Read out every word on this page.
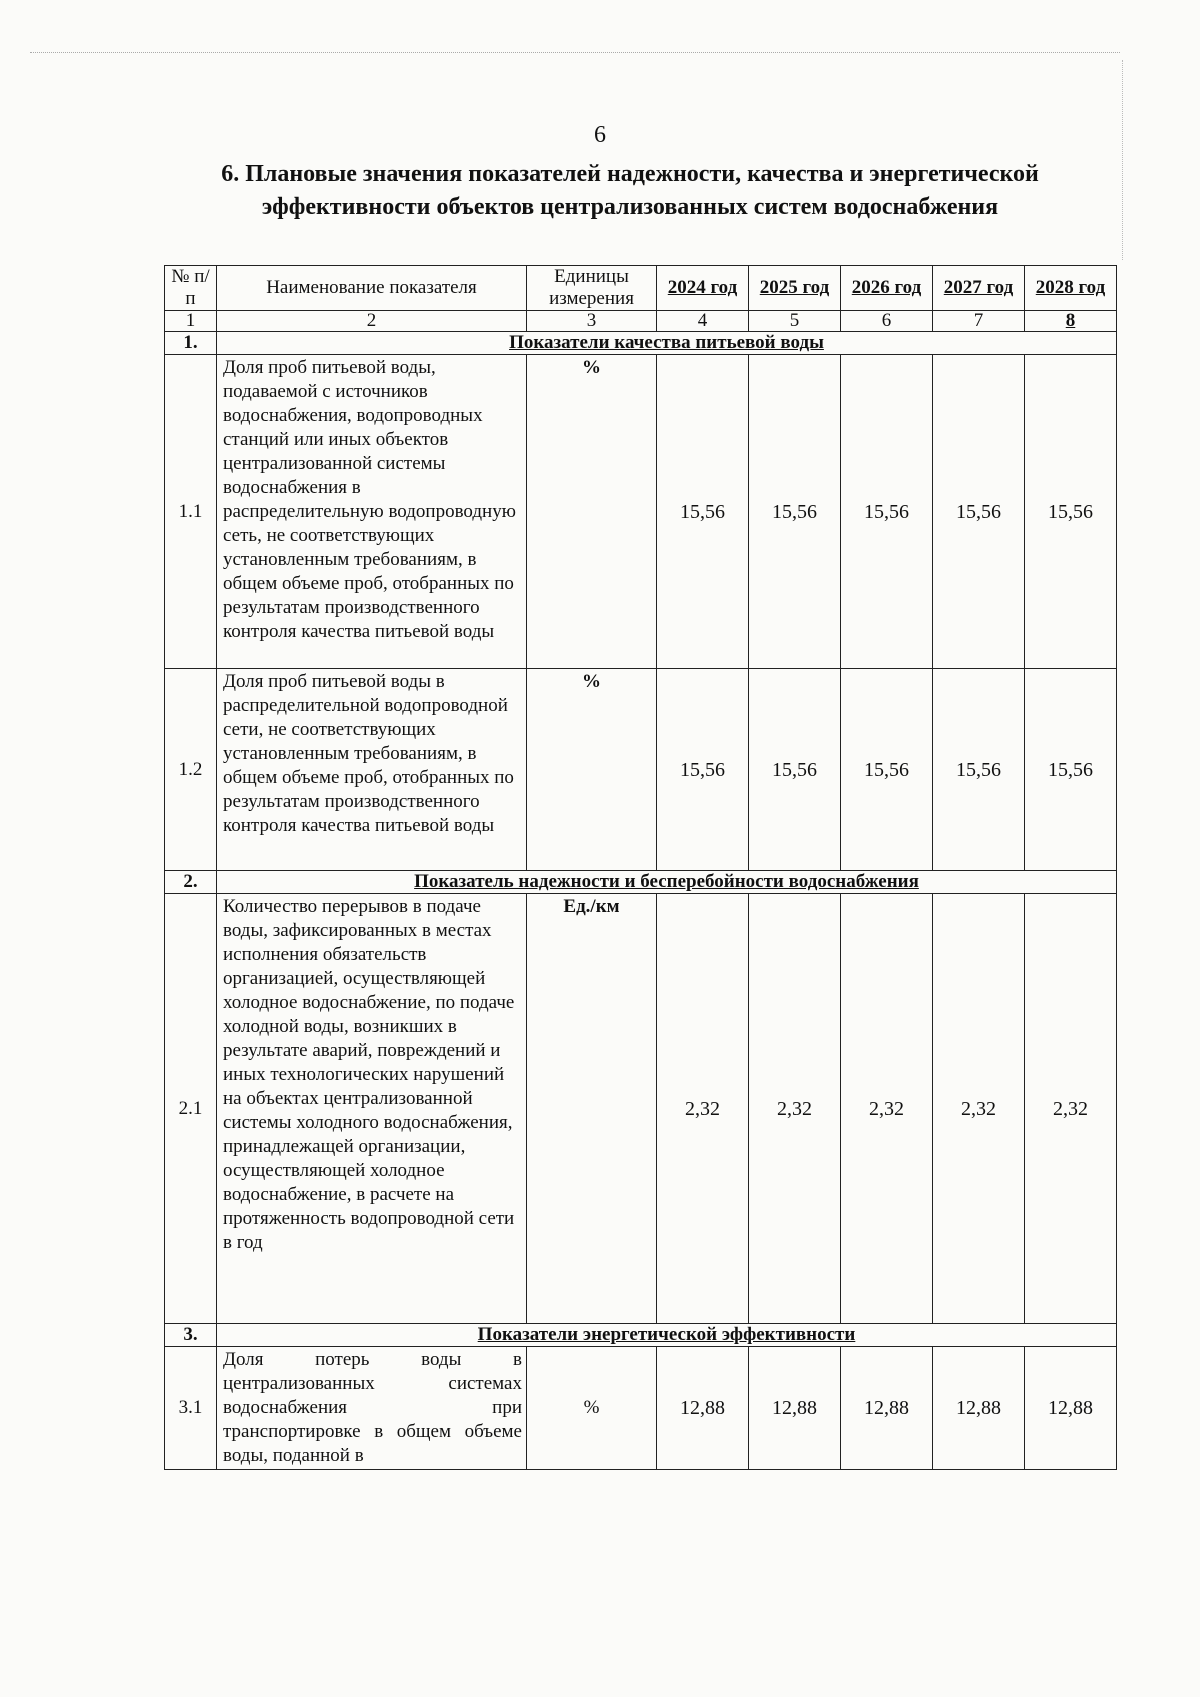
6
6. Плановые значения показателей надежности, качества и энергетической эффективности объектов централизованных систем водоснабжения
№ п/п	Наименование показателя	Единицы измерения	2024 год	2025 год	2026 год	2027 год	2028 год
1	2	3	4	5	6	7	8
1.	Показатели качества питьевой воды						
1.1	Доля проб питьевой воды, подаваемой с источников водоснабжения, водопроводных станций или иных объектов централизованной системы водоснабжения в распределительную водопроводную сеть, не соответствующих установленным требованиям, в общем объеме проб, отобранных по результатам производственного контроля качества питьевой воды	%	15,56	15,56	15,56	15,56	15,56
1.2	Доля проб питьевой воды в распределительной водопроводной сети, не соответствующих установленным требованиям, в общем объеме проб, отобранных по результатам производственного контроля качества питьевой воды	%	15,56	15,56	15,56	15,56	15,56
2.	Показатель надежности и бесперебойности водоснабжения						
2.1	Количество перерывов в подаче воды, зафиксированных в местах исполнения обязательств организацией, осуществляющей холодное водоснабжение, по подаче холодной воды, возникших в результате аварий, повреждений и иных технологических нарушений на объектах централизованной системы холодного водоснабжения, принадлежащей организации, осуществляющей холодное водоснабжение, в расчете на протяженность водопроводной сети в год	Ед./км	2,32	2,32	2,32	2,32	2,32
3.	Показатели энергетической эффективности						
3.1	Доля потерь воды в централизованных системах водоснабжения при транспортировке в общем объеме воды, поданной в	%	12,88	12,88	12,88	12,88	12,88
